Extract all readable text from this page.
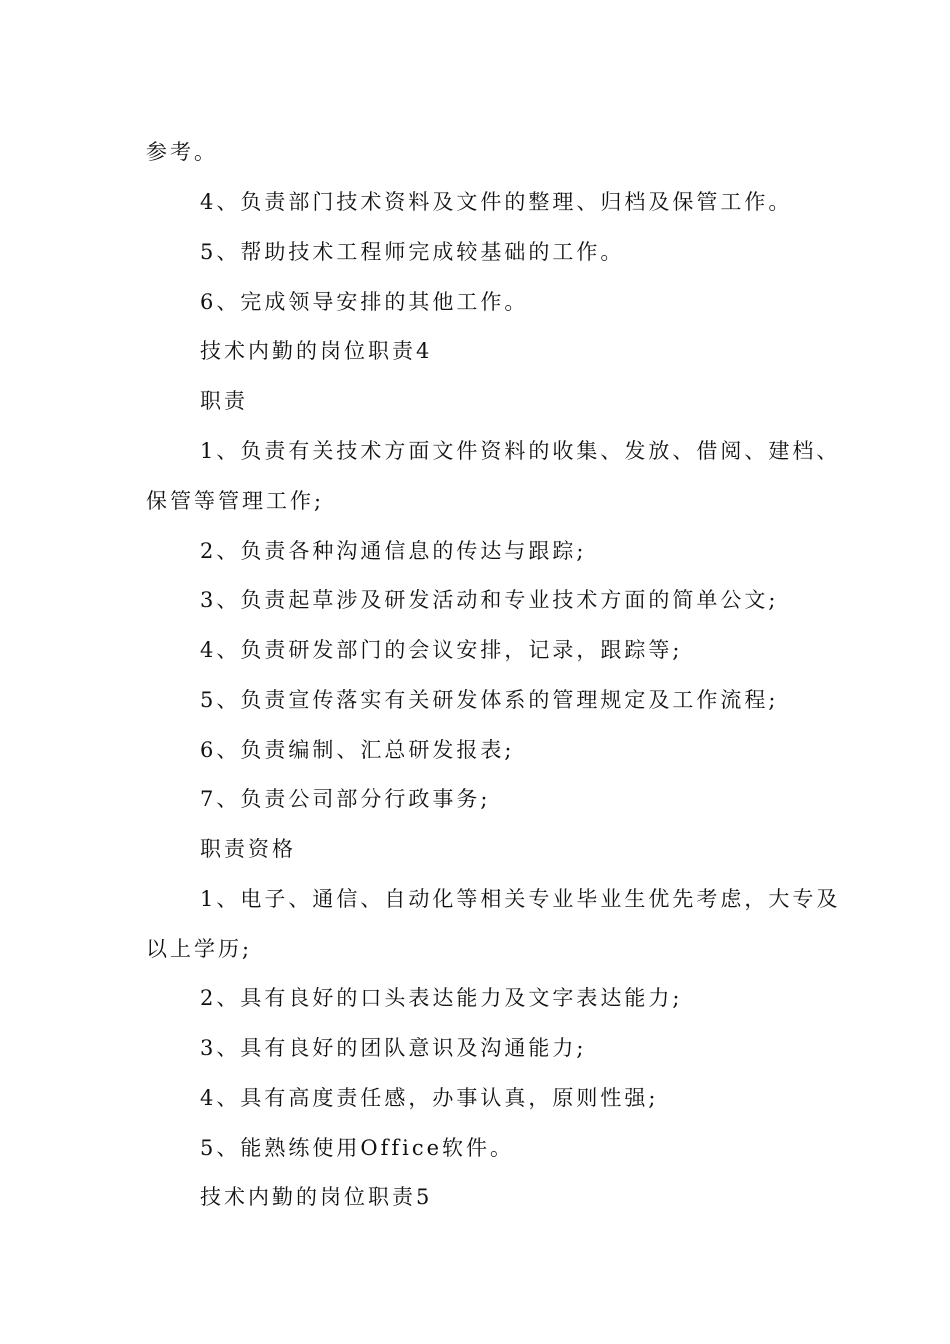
参考。
4、负责部门技术资料及文件的整理、归档及保管工作。
5、帮助技术工程师完成较基础的工作。
6、完成领导安排的其他工作。
技术内勤的岗位职责4
职责
1、负责有关技术方面文件资料的收集、发放、借阅、建档、
保管等管理工作;
2、负责各种沟通信息的传达与跟踪;
3、负责起草涉及研发活动和专业技术方面的简单公文;
4、负责研发部门的会议安排，记录，跟踪等;
5、负责宣传落实有关研发体系的管理规定及工作流程;
6、负责编制、汇总研发报表;
7、负责公司部分行政事务;
职责资格
1、电子、通信、自动化等相关专业毕业生优先考虑，大专及
以上学历;
2、具有良好的口头表达能力及文字表达能力;
3、具有良好的团队意识及沟通能力;
4、具有高度责任感，办事认真，原则性强;
5、能熟练使用Office软件。
技术内勤的岗位职责5
